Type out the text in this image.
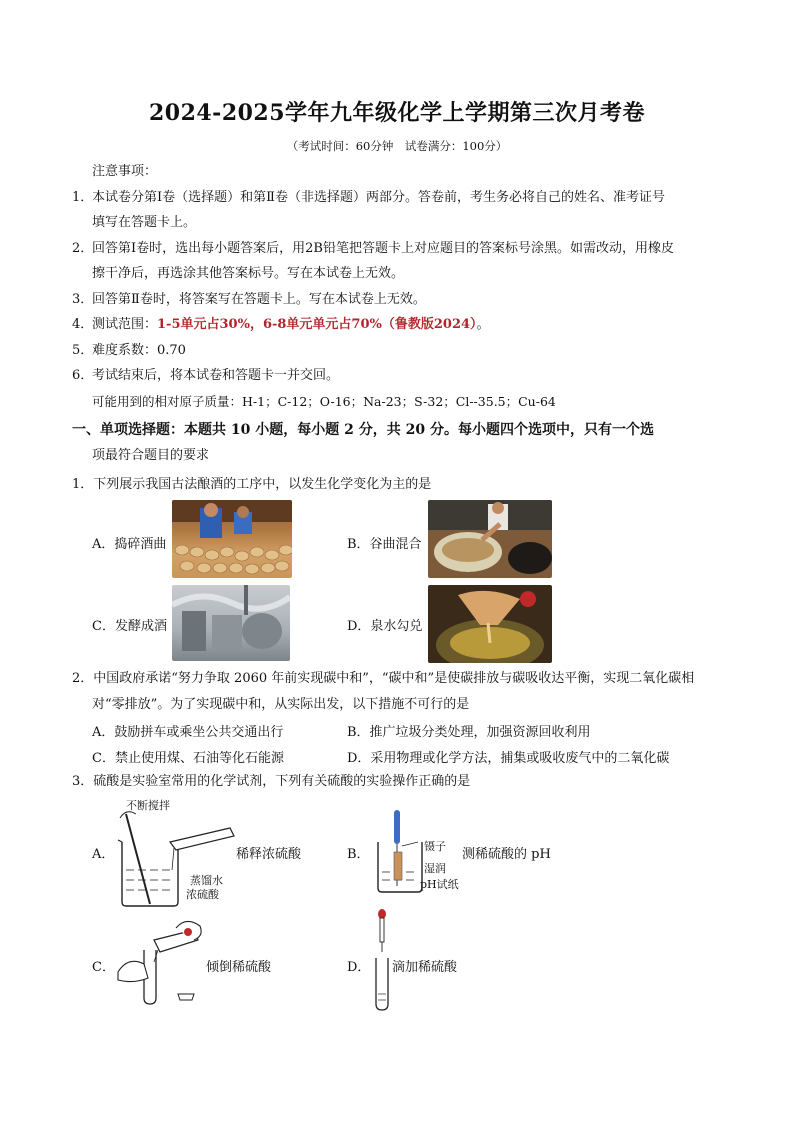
2024-2025学年九年级化学上学期第三次月考卷
（考试时间：60分钟　试卷满分：100分）
注意事项：
1．本试卷分第Ⅰ卷（选择题）和第Ⅱ卷（非选择题）两部分。答卷前，考生务必将自己的姓名、准考证号
填写在答题卡上。
2．回答第Ⅰ卷时，选出每小题答案后，用2B铅笔把答题卡上对应题目的答案标号涂黑。如需改动，用橡皮
擦干净后，再选涂其他答案标号。写在本试卷上无效。
3．回答第Ⅱ卷时，将答案写在答题卡上。写在本试卷上无效。
4．测试范围：1-5单元占30%，6-8单元单元占70%（鲁教版2024）。
5．难度系数：0.70
6．考试结束后，将本试卷和答题卡一并交回。
可能用到的相对原子质量：H-1；C-12；O-16；Na-23；S-32；Cl--35.5；Cu-64
一、单项选择题：本题共 10 小题，每小题 2 分，共 20 分。每小题四个选项中，只有一个选
项最符合题目的要求
1．下列展示我国古法酿酒的工序中，以发生化学变化为主的是
A．捣碎酒曲	B．谷曲混合
C．发酵成酒	D．泉水勾兑
2．中国政府承诺“努力争取 2060 年前实现碳中和”，“碳中和”是使碳排放与碳吸收达平衡，实现二氧化碳相
对“零排放”。为了实现碳中和，从实际出发，以下措施不可行的是
A．鼓励拼车或乘坐公共交通出行	B．推广垃圾分类处理，加强资源回收利用
C．禁止使用煤、石油等化石能源	D．采用物理或化学方法，捕集或吸收废气中的二氧化碳
3．硫酸是实验室常用的化学试剂，下列有关硫酸的实验操作正确的是
A．
不断搅拌
稀释浓硫酸
蒸馏水
浓硫酸
B．
镊子
测稀硫酸的 pH
湿润
pH试纸
C．	倾倒稀硫酸	D． 滴加稀硫酸
